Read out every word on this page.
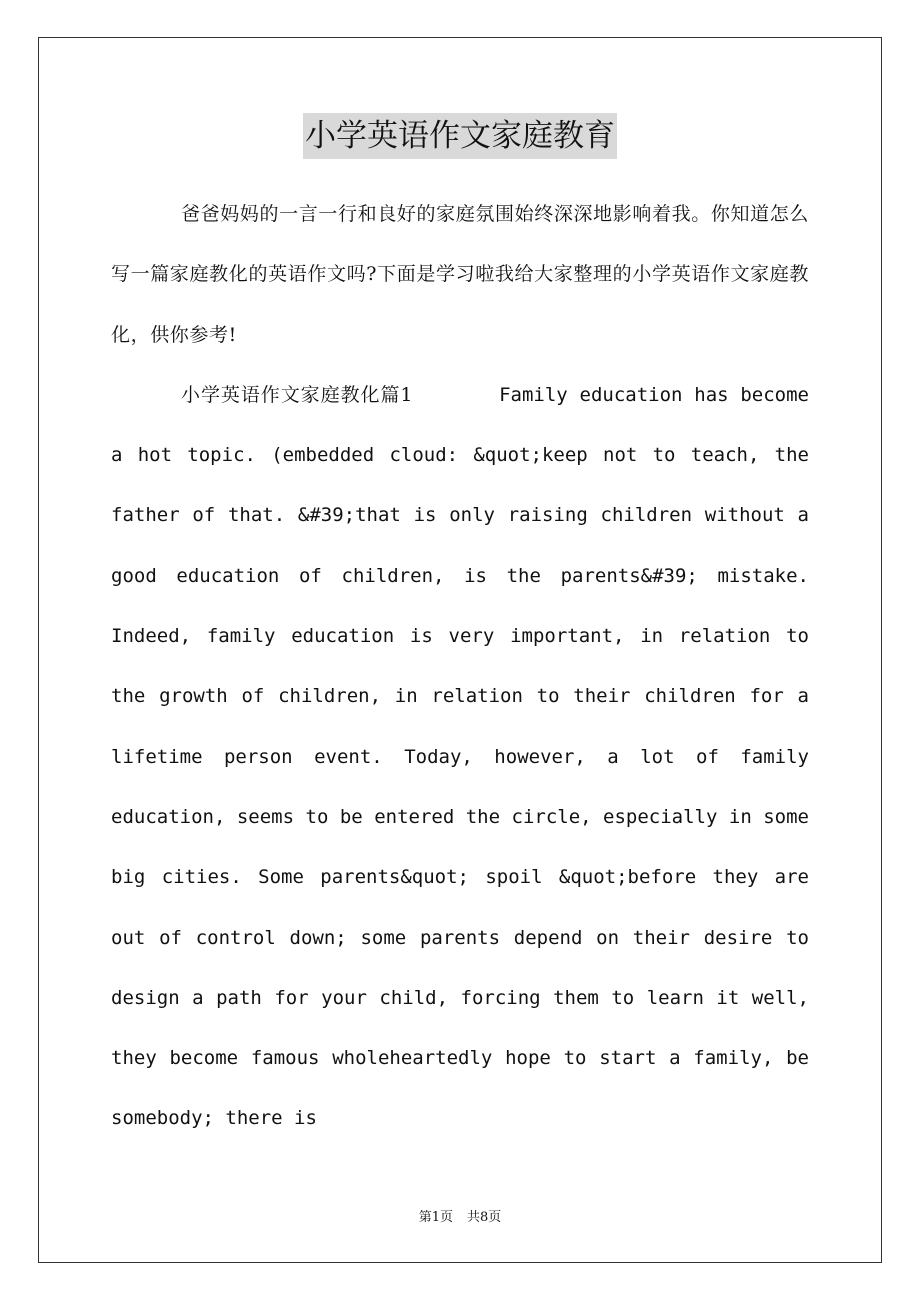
小学英语作文家庭教育

爸爸妈妈的一言一行和良好的家庭氛围始终深深地影响着我。你知道怎么写一篇家庭教化的英语作文吗?下面是学习啦我给大家整理的小学英语作文家庭教化，供你参考!

小学英语作文家庭教化篇1	Family education has become a hot topic. (embedded cloud: &quot;keep not to teach, the father of that. &#39;that is only raising children without a good education of children, is the parents&#39; mistake. Indeed, family education is very important, in relation to the growth of children, in relation to their children for a lifetime person event. Today, however, a lot of family education, seems to be entered the circle, especially in some big cities. Some parents&quot; spoil &quot;before they are out of control down; some parents depend on their desire to design a path for your child, forcing them to learn it well, they become famous wholeheartedly hope to start a family, be somebody; there is

第1页 共8页
